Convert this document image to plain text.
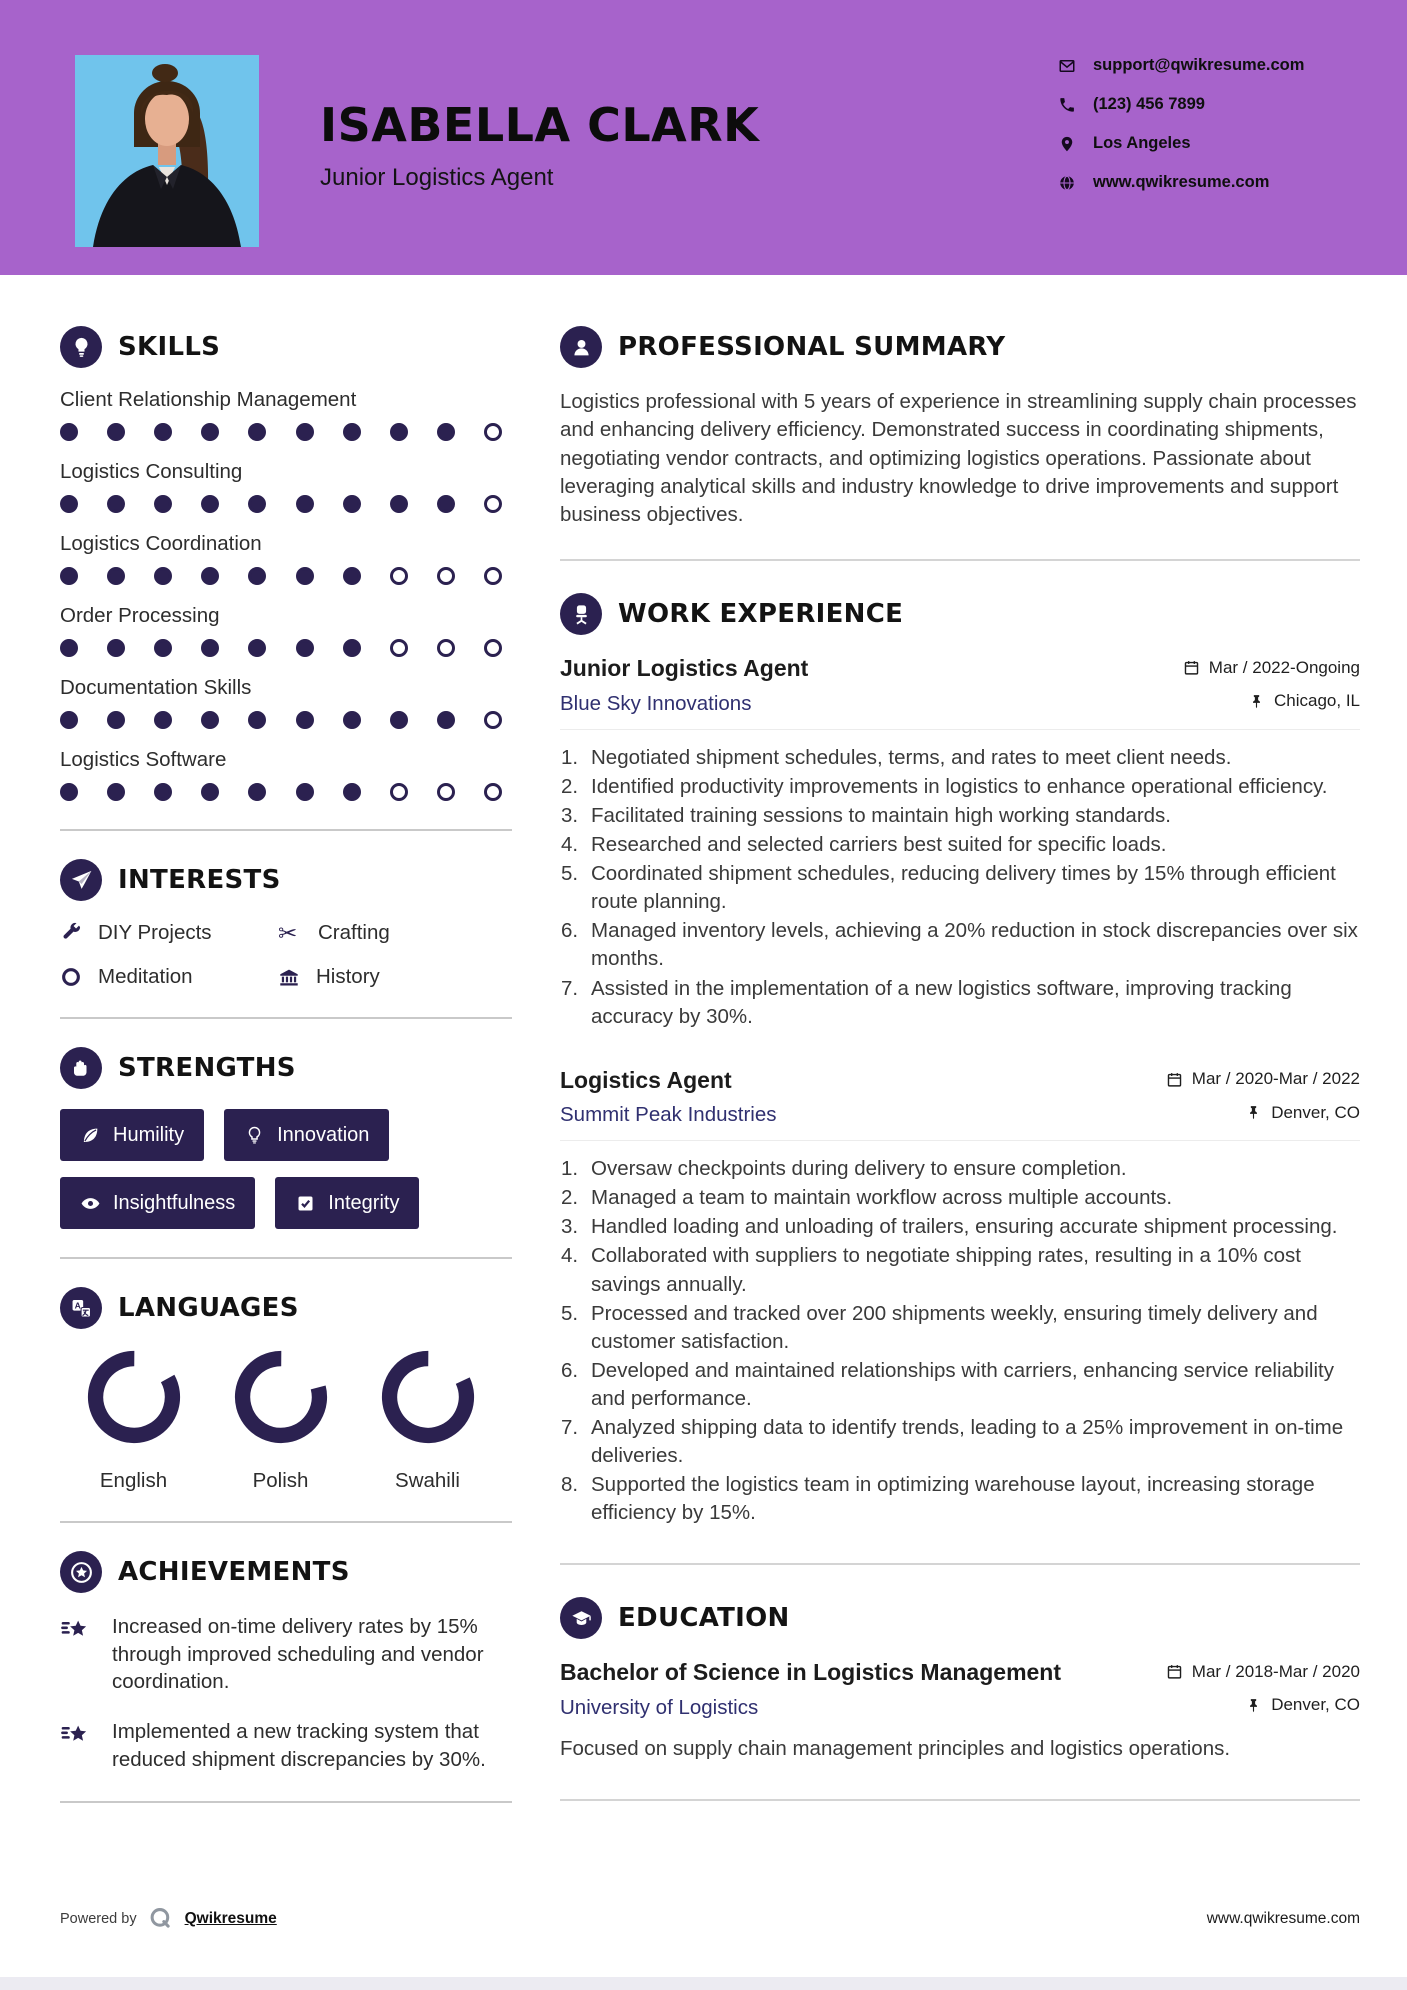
ISABELLA CLARK
Junior Logistics Agent
support@qwikresume.com
(123) 456 7899
Los Angeles
www.qwikresume.com
SKILLS
Client Relationship Management
Logistics Consulting
Logistics Coordination
Order Processing
Documentation Skills
Logistics Software
INTERESTS
DIY Projects	✂ Crafting
Meditation	History
STRENGTHS
Humility	Innovation
Insightfulness	Integrity
A LANGUAGES
English	Polish	Swahili
ACHIEVEMENTS
Increased on-time delivery rates by 15% through improved scheduling and vendor coordination.
Implemented a new tracking system that reduced shipment discrepancies by 30%.
PROFESSIONAL SUMMARY

Logistics professional with 5 years of experience in streamlining supply chain processes and enhancing delivery efficiency. Demonstrated success in coordinating shipments, negotiating vendor contracts, and optimizing logistics operations. Passionate about leveraging analytical skills and industry knowledge to drive improvements and support business objectives.

WORK EXPERIENCE
Junior Logistics Agent	Mar / 2022-Ongoing
Blue Sky Innovations	Chicago, IL
Negotiated shipment schedules, terms, and rates to meet client needs.
Identified productivity improvements in logistics to enhance operational efficiency.
Facilitated training sessions to maintain high working standards.
Researched and selected carriers best suited for specific loads.
Coordinated shipment schedules, reducing delivery times by 15% through efficient route planning.
Managed inventory levels, achieving a 20% reduction in stock discrepancies over six months.
Assisted in the implementation of a new logistics software, improving tracking accuracy by 30%.
Logistics Agent	Mar / 2020-Mar / 2022
Summit Peak Industries	Denver, CO
Oversaw checkpoints during delivery to ensure completion.
Managed a team to maintain workflow across multiple accounts.
Handled loading and unloading of trailers, ensuring accurate shipment processing.
Collaborated with suppliers to negotiate shipping rates, resulting in a 10% cost savings annually.
Processed and tracked over 200 shipments weekly, ensuring timely delivery and customer satisfaction.
Developed and maintained relationships with carriers, enhancing service reliability and performance.
Analyzed shipping data to identify trends, leading to a 25% improvement in on-time deliveries.
Supported the logistics team in optimizing warehouse layout, increasing storage efficiency by 15%.
EDUCATION
Bachelor of Science in Logistics Management	Mar / 2018-Mar / 2020
University of Logistics	Denver, CO

Focused on supply chain management principles and logistics operations.

Powered by	Qwikresume	www.qwikresume.com
